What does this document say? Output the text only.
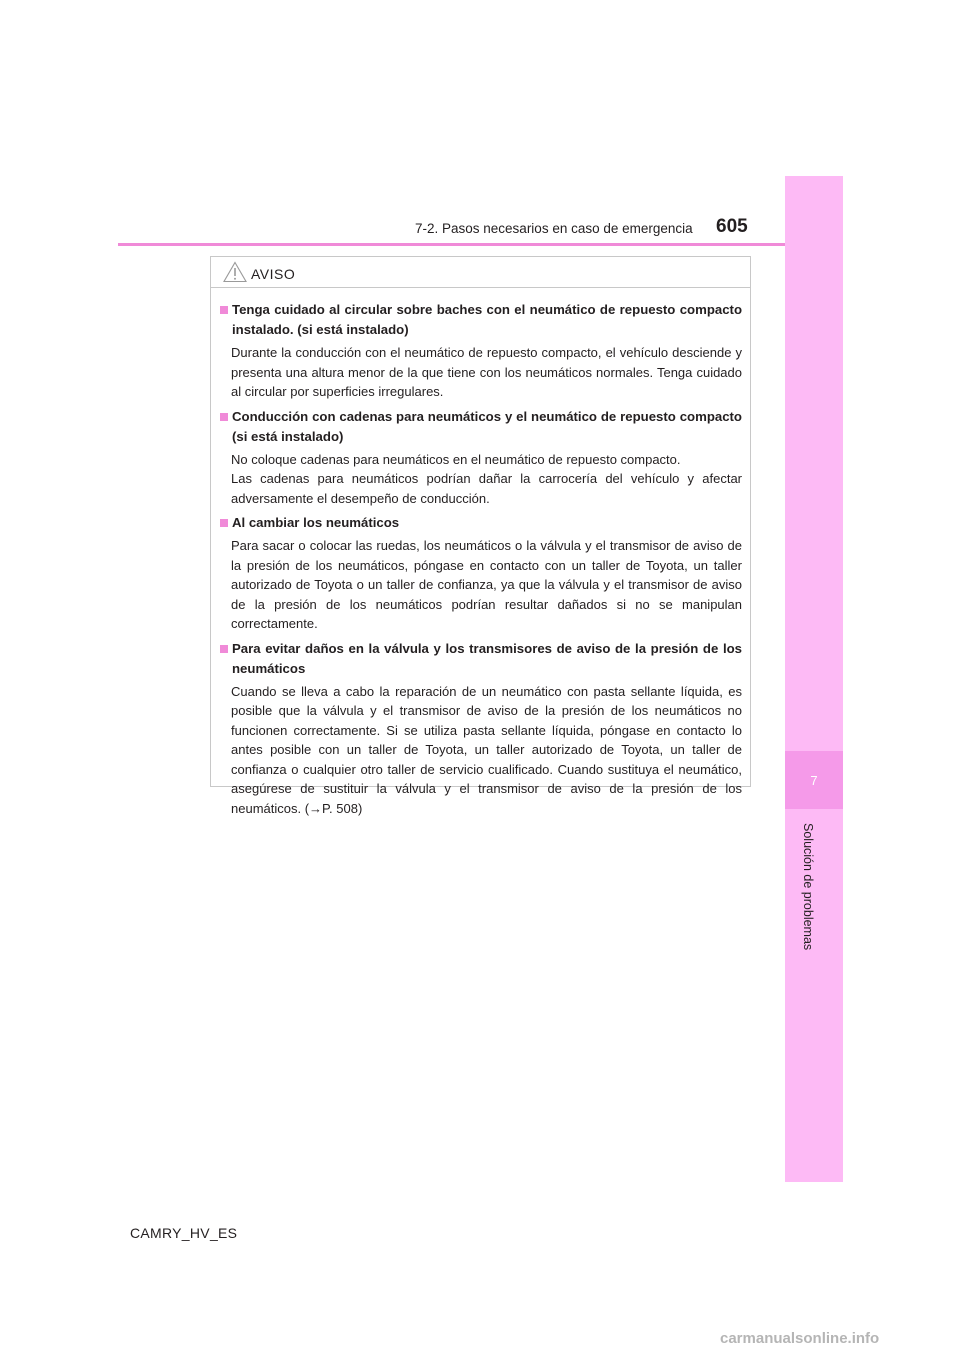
7-2. Pasos necesarios en caso de emergencia 605
7
Solución de problemas
AVISO
Tenga cuidado al circular sobre baches con el neumático de repuesto compacto instalado. (si está instalado)

Durante la conducción con el neumático de repuesto compacto, el vehículo desciende y presenta una altura menor de la que tiene con los neumáticos normales. Tenga cuidado al circular por superficies irregulares.

Conducción con cadenas para neumáticos y el neumático de repuesto compacto (si está instalado)

No coloque cadenas para neumáticos en el neumático de repuesto compacto.

Las cadenas para neumáticos podrían dañar la carrocería del vehículo y afectar adversamente el desempeño de conducción.

Al cambiar los neumáticos

Para sacar o colocar las ruedas, los neumáticos o la válvula y el transmisor de aviso de la presión de los neumáticos, póngase en contacto con un taller de Toyota, un taller autorizado de Toyota o un taller de confianza, ya que la válvula y el transmisor de aviso de la presión de los neumáticos podrían resultar dañados si no se manipulan correctamente.

Para evitar daños en la válvula y los transmisores de aviso de la presión de los neumáticos

Cuando se lleva a cabo la reparación de un neumático con pasta sellante líquida, es posible que la válvula y el transmisor de aviso de la presión de los neumáticos no funcionen correctamente. Si se utiliza pasta sellante líquida, póngase en contacto lo antes posible con un taller de Toyota, un taller autorizado de Toyota, un taller de confianza o cualquier otro taller de servicio cualificado. Cuando sustituya el neumático, asegúrese de sustituir la válvula y el transmisor de aviso de la presión de los neumáticos. (→P. 508)

CAMRY_HV_ES
carmanualsonline.info
